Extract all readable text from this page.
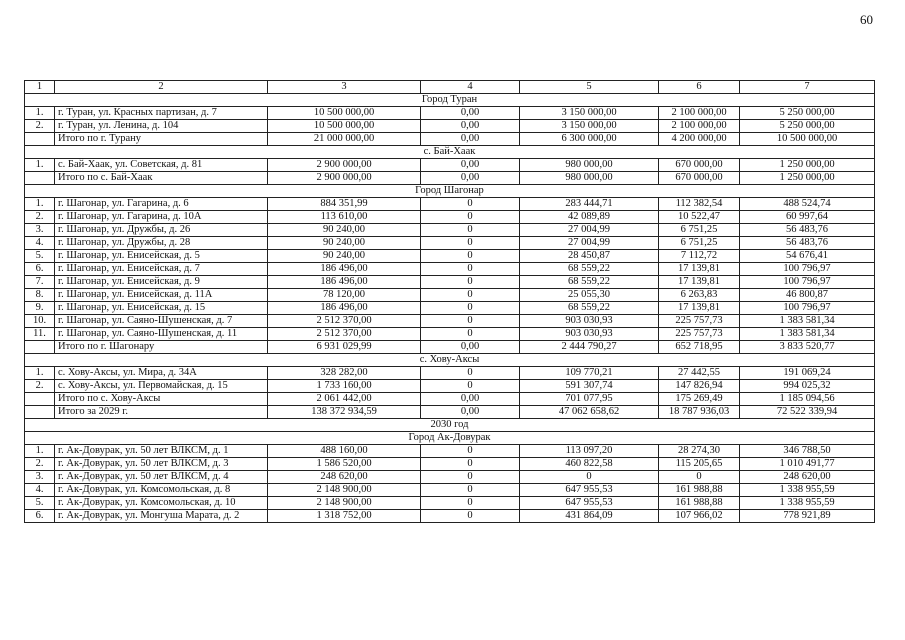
60
1	2	3	4	5	6	7
Город Туран						
1.	г. Туран, ул. Красных партизан, д. 7	10 500 000,00	0,00	3 150 000,00	2 100 000,00	5 250 000,00
2.	г. Туран, ул. Ленина, д. 104	10 500 000,00	0,00	3 150 000,00	2 100 000,00	5 250 000,00
	Итого по г. Турану	21 000 000,00	0,00	6 300 000,00	4 200 000,00	10 500 000,00
с. Бай-Хаак						
1.	с. Бай-Хаак, ул. Советская, д. 81	2 900 000,00	0,00	980 000,00	670 000,00	1 250 000,00
	Итого по с. Бай-Хаак	2 900 000,00	0,00	980 000,00	670 000,00	1 250 000,00
Город Шагонар						
1.	г. Шагонар, ул. Гагарина, д. 6	884 351,99	0	283 444,71	112 382,54	488 524,74
2.	г. Шагонар, ул. Гагарина, д. 10А	113 610,00	0	42 089,89	10 522,47	60 997,64
3.	г. Шагонар, ул. Дружбы, д. 26	90 240,00	0	27 004,99	6 751,25	56 483,76
4.	г. Шагонар, ул. Дружбы, д. 28	90 240,00	0	27 004,99	6 751,25	56 483,76
5.	г. Шагонар, ул. Енисейская, д. 5	90 240,00	0	28 450,87	7 112,72	54 676,41
6.	г. Шагонар, ул. Енисейская, д. 7	186 496,00	0	68 559,22	17 139,81	100 796,97
7.	г. Шагонар, ул. Енисейская, д. 9	186 496,00	0	68 559,22	17 139,81	100 796,97
8.	г. Шагонар, ул. Енисейская, д. 11А	78 120,00	0	25 055,30	6 263,83	46 800,87
9.	г. Шагонар, ул. Енисейская, д. 15	186 496,00	0	68 559,22	17 139,81	100 796,97
10.	г. Шагонар, ул. Саяно-Шушенская, д. 7	2 512 370,00	0	903 030,93	225 757,73	1 383 581,34
11.	г. Шагонар, ул. Саяно-Шушенская, д. 11	2 512 370,00	0	903 030,93	225 757,73	1 383 581,34
	Итого по г. Шагонару	6 931 029,99	0,00	2 444 790,27	652 718,95	3 833 520,77
с. Хову-Аксы						
1.	с. Хову-Аксы, ул. Мира, д. 34А	328 282,00	0	109 770,21	27 442,55	191 069,24
2.	с. Хову-Аксы, ул. Первомайская, д. 15	1 733 160,00	0	591 307,74	147 826,94	994 025,32
	Итого по с. Хову-Аксы	2 061 442,00	0,00	701 077,95	175 269,49	1 185 094,56
	Итого за 2029 г.	138 372 934,59	0,00	47 062 658,62	18 787 936,03	72 522 339,94
2030 год						
Город Ак-Довурак						
1.	г. Ак-Довурак, ул. 50 лет ВЛКСМ, д. 1	488 160,00	0	113 097,20	28 274,30	346 788,50
2.	г. Ак-Довурак, ул. 50 лет ВЛКСМ, д. 3	1 586 520,00	0	460 822,58	115 205,65	1 010 491,77
3.	г. Ак-Довурак, ул. 50 лет ВЛКСМ, д. 4	248 620,00	0	0	0	248 620,00
4.	г. Ак-Довурак, ул. Комсомольская, д. 8	2 148 900,00	0	647 955,53	161 988,88	1 338 955,59
5.	г. Ак-Довурак, ул. Комсомольская, д. 10	2 148 900,00	0	647 955,53	161 988,88	1 338 955,59
6.	г. Ак-Довурак, ул. Монгуша Марата, д. 2	1 318 752,00	0	431 864,09	107 966,02	778 921,89
